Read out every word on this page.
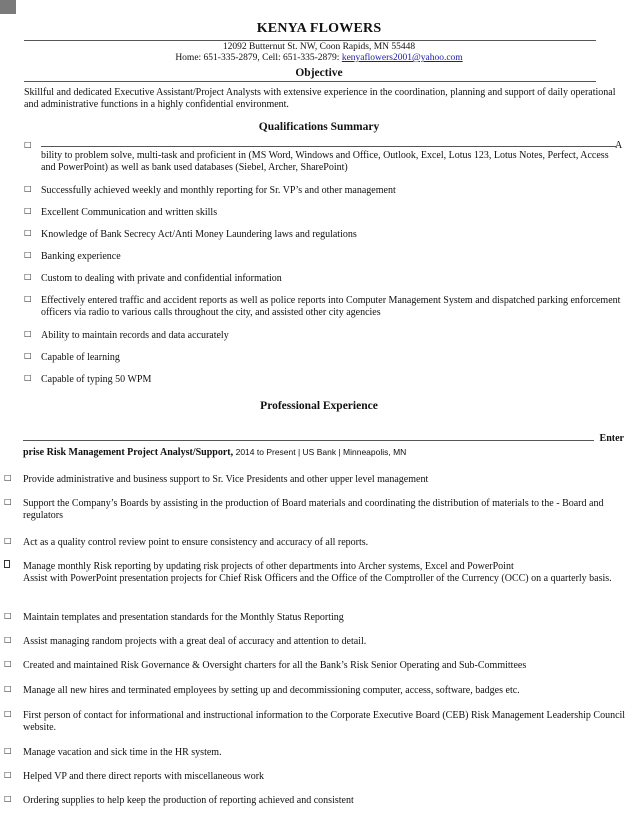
KENYA FLOWERS
12092 Butternut St. NW, Coon Rapids, MN 55448
Home: 651-335-2879, Cell: 651-335-2879: kenyaflowers2001@yahoo.com
Objective
Skillful and dedicated Executive Assistant/Project Analysts with extensive experience in the coordination, planning and support of daily operational and administrative functions in a highly confidential environment.
Qualifications Summary
□	A
bility to problem solve, multi-task and proficient in (MS Word, Windows and Office, Outlook, Excel, Lotus 123, Lotus Notes, Perfect, Access and PowerPoint) as well as bank used databases (Siebel, Archer, SharePoint)
□ Successfully achieved weekly and monthly reporting for Sr. VP’s and other management
□ Excellent Communication and written skills
□ Knowledge of Bank Secrecy Act/Anti Money Laundering laws and regulations
□ Banking experience
□ Custom to dealing with private and confidential information
□ Effectively entered traffic and accident reports as well as police reports into Computer Management System and dispatched parking enforcement officers via radio to various calls throughout the city, and assisted other city agencies
□ Ability to maintain records and data accurately
□ Capable of learning
□ Capable of typing 50 WPM
Professional Experience
Enter
prise Risk Management Project Analyst/Support, 2014 to Present | US Bank | Minneapolis, MN
□ Provide administrative and business support to Sr. Vice Presidents and other upper level management
□ Support the Company’s Boards by assisting in the production of Board materials and coordinating the distribution of materials to the - Board and regulators
□ Act as a quality control review point to ensure consistency and accuracy of all reports.
Manage monthly Risk reporting by updating risk projects of other departments into Archer systems, Excel and PowerPoint
Assist with PowerPoint presentation projects for Chief Risk Officers and the Office of the Comptroller of the Currency (OCC) on a quarterly basis.
□ Maintain templates and presentation standards for the Monthly Status Reporting
□ Assist managing random projects with a great deal of accuracy and attention to detail.
□ Created and maintained Risk Governance & Oversight charters for all the Bank’s Risk Senior Operating and Sub-Committees
□ Manage all new hires and terminated employees by setting up and decommissioning computer, access, software, badges etc.
□ First person of contact for informational and instructional information to the Corporate Executive Board (CEB) Risk Management Leadership Council website.
□ Manage vacation and sick time in the HR system.
□ Helped VP and there direct reports with miscellaneous work
□ Ordering supplies to help keep the production of reporting achieved and consistent
